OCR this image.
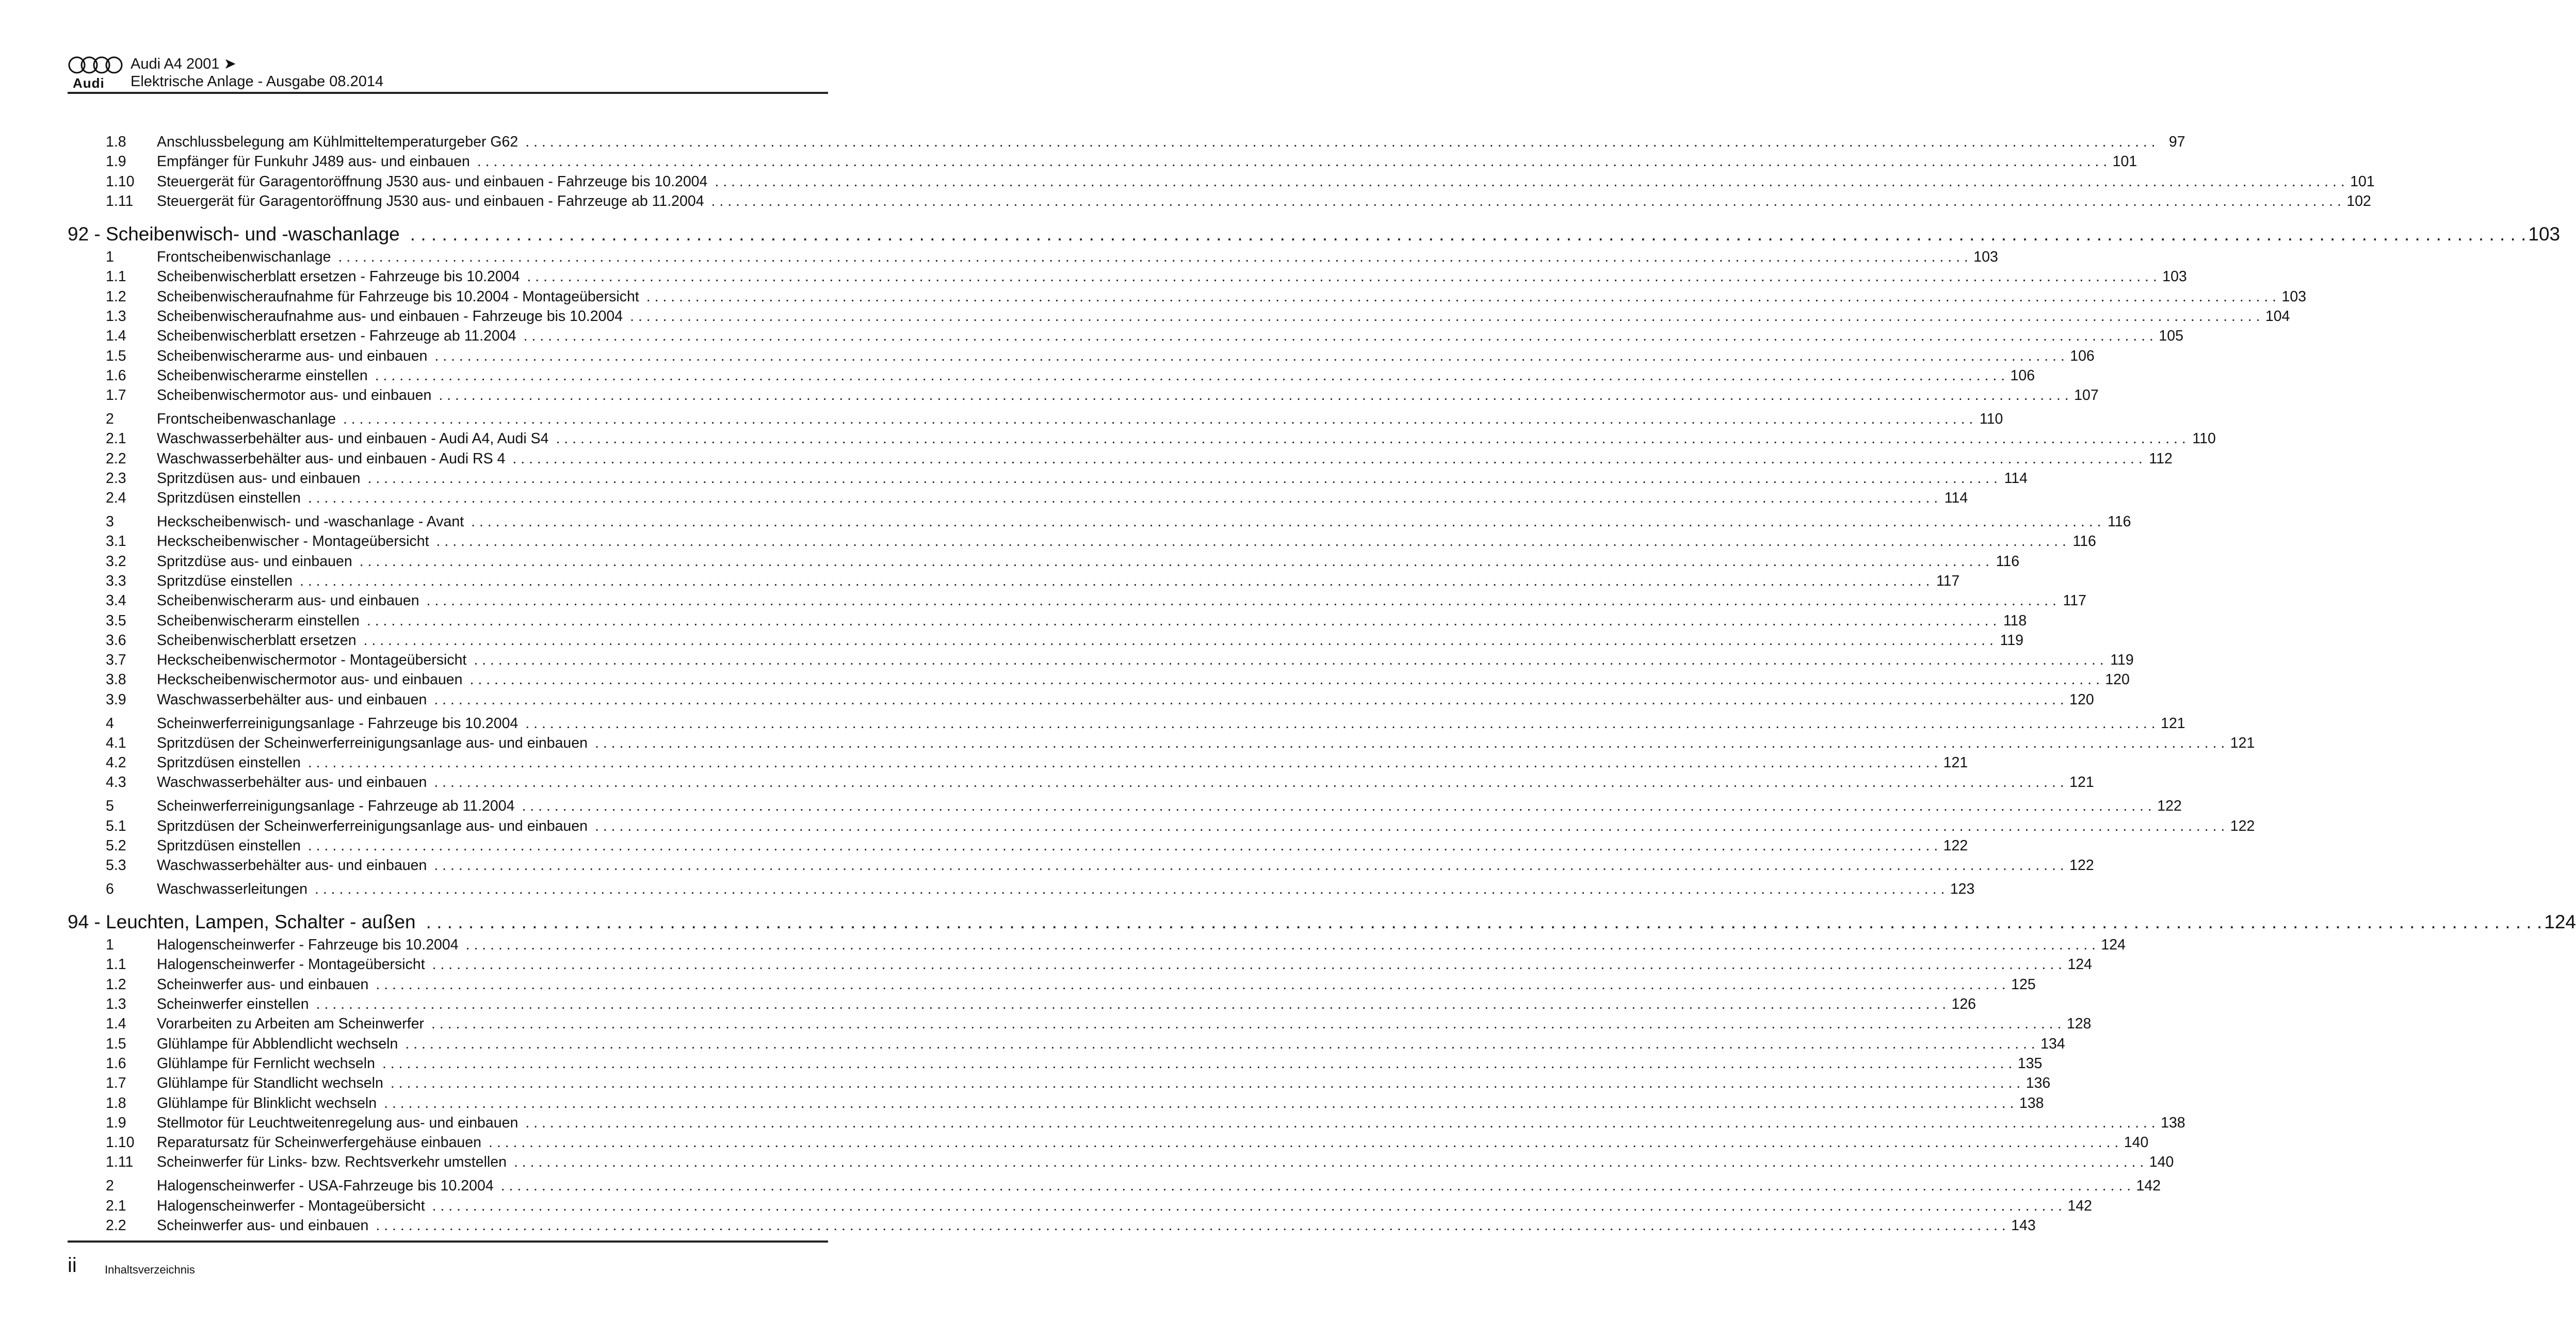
Audi
Audi A4 2001 ➤
Elektrische Anlage - Ausgabe 08.2014
1.8	Anschlussbelegung am Kühlmitteltemperaturgeber G62 . . . . . . . . . . . . . . . . . . . . . . . . . . . . . . . . . . . . . . . . . . . . . . . . . . . . . . . . . . . . . . . . . . . . . . . . . . . . . . . . . . . . . . . . . . . . . . . . . . . . . . . . . . . . . . . . . . . . . . . . . . . . . . . . . . . . . . . . . . . . . . . . . . . . . . . . . . . . . . . . . . . . . . . . . . . . . . . . . . . . . . . . . . . . . . . . . . . . . . . . 97
1.9	Empfänger für Funkuhr J489 aus- und einbauen . . . . . . . . . . . . . . . . . . . . . . . . . . . . . . . . . . . . . . . . . . . . . . . . . . . . . . . . . . . . . . . . . . . . . . . . . . . . . . . . . . . . . . . . . . . . . . . . . . . . . . . . . . . . . . . . . . . . . . . . . . . . . . . . . . . . . . . . . . . . . . . . . . . . . . . . . . . . . . . . . . . . . . . . . . . . . . . . . . . . . . . . . . . . . . . . . . . . . . . . 101
1.10	Steuergerät für Garagentoröffnung J530 aus- und einbauen - Fahrzeuge bis 10.2004 . . . . . . . . . . . . . . . . . . . . . . . . . . . . . . . . . . . . . . . . . . . . . . . . . . . . . . . . . . . . . . . . . . . . . . . . . . . . . . . . . . . . . . . . . . . . . . . . . . . . . . . . . . . . . . . . . . . . . . . . . . . . . . . . . . . . . . . . . . . . . . . . . . . . . . . . . . . . . . . . . . . . . . . . . . . . . . . . . . . . . . . . . . . . . . . . . . . . . . . . 101
1.11	Steuergerät für Garagentoröffnung J530 aus- und einbauen - Fahrzeuge ab 11.2004 . . . . . . . . . . . . . . . . . . . . . . . . . . . . . . . . . . . . . . . . . . . . . . . . . . . . . . . . . . . . . . . . . . . . . . . . . . . . . . . . . . . . . . . . . . . . . . . . . . . . . . . . . . . . . . . . . . . . . . . . . . . . . . . . . . . . . . . . . . . . . . . . . . . . . . . . . . . . . . . . . . . . . . . . . . . . . . . . . . . . . . . . . . . . . . . . . . . . . . . . 102
92 - Scheibenwisch- und -waschanlage . . . . . . . . . . . . . . . . . . . . . . . . . . . . . . . . . . . . . . . . . . . . . . . . . . . . . . . . . . . . . . . . . . . . . . . . . . . . . . . . . . . . . . . . . . . . . . . . . . . . . . . . . . . . . . . . . . . . . . . . . . . . . . . . . . . . . . . . . . . . . . . . . . . . . . . . . . . . . . . . . . . . . . . . . . . . . . . . . . . . . . . . . . . . . . . . . . . . . . . . 103
1	Frontscheibenwischanlage . . . . . . . . . . . . . . . . . . . . . . . . . . . . . . . . . . . . . . . . . . . . . . . . . . . . . . . . . . . . . . . . . . . . . . . . . . . . . . . . . . . . . . . . . . . . . . . . . . . . . . . . . . . . . . . . . . . . . . . . . . . . . . . . . . . . . . . . . . . . . . . . . . . . . . . . . . . . . . . . . . . . . . . . . . . . . . . . . . . . . . . . . . . . . . . . . . . . . . . . 103
1.1	Scheibenwischerblatt ersetzen - Fahrzeuge bis 10.2004 . . . . . . . . . . . . . . . . . . . . . . . . . . . . . . . . . . . . . . . . . . . . . . . . . . . . . . . . . . . . . . . . . . . . . . . . . . . . . . . . . . . . . . . . . . . . . . . . . . . . . . . . . . . . . . . . . . . . . . . . . . . . . . . . . . . . . . . . . . . . . . . . . . . . . . . . . . . . . . . . . . . . . . . . . . . . . . . . . . . . . . . . . . . . . . . . . . . . . . . . 103
1.2	Scheibenwischeraufnahme für Fahrzeuge bis 10.2004 - Montageübersicht . . . . . . . . . . . . . . . . . . . . . . . . . . . . . . . . . . . . . . . . . . . . . . . . . . . . . . . . . . . . . . . . . . . . . . . . . . . . . . . . . . . . . . . . . . . . . . . . . . . . . . . . . . . . . . . . . . . . . . . . . . . . . . . . . . . . . . . . . . . . . . . . . . . . . . . . . . . . . . . . . . . . . . . . . . . . . . . . . . . . . . . . . . . . . . . . . . . . . . . . 103
1.3	Scheibenwischeraufnahme aus- und einbauen - Fahrzeuge bis 10.2004 . . . . . . . . . . . . . . . . . . . . . . . . . . . . . . . . . . . . . . . . . . . . . . . . . . . . . . . . . . . . . . . . . . . . . . . . . . . . . . . . . . . . . . . . . . . . . . . . . . . . . . . . . . . . . . . . . . . . . . . . . . . . . . . . . . . . . . . . . . . . . . . . . . . . . . . . . . . . . . . . . . . . . . . . . . . . . . . . . . . . . . . . . . . . . . . . . . . . . . . . 104
1.4	Scheibenwischerblatt ersetzen - Fahrzeuge ab 11.2004 . . . . . . . . . . . . . . . . . . . . . . . . . . . . . . . . . . . . . . . . . . . . . . . . . . . . . . . . . . . . . . . . . . . . . . . . . . . . . . . . . . . . . . . . . . . . . . . . . . . . . . . . . . . . . . . . . . . . . . . . . . . . . . . . . . . . . . . . . . . . . . . . . . . . . . . . . . . . . . . . . . . . . . . . . . . . . . . . . . . . . . . . . . . . . . . . . . . . . . . . 105
1.5	Scheibenwischerarme aus- und einbauen . . . . . . . . . . . . . . . . . . . . . . . . . . . . . . . . . . . . . . . . . . . . . . . . . . . . . . . . . . . . . . . . . . . . . . . . . . . . . . . . . . . . . . . . . . . . . . . . . . . . . . . . . . . . . . . . . . . . . . . . . . . . . . . . . . . . . . . . . . . . . . . . . . . . . . . . . . . . . . . . . . . . . . . . . . . . . . . . . . . . . . . . . . . . . . . . . . . . . . . . 106
1.6	Scheibenwischerarme einstellen . . . . . . . . . . . . . . . . . . . . . . . . . . . . . . . . . . . . . . . . . . . . . . . . . . . . . . . . . . . . . . . . . . . . . . . . . . . . . . . . . . . . . . . . . . . . . . . . . . . . . . . . . . . . . . . . . . . . . . . . . . . . . . . . . . . . . . . . . . . . . . . . . . . . . . . . . . . . . . . . . . . . . . . . . . . . . . . . . . . . . . . . . . . . . . . . . . . . . . . . 106
1.7	Scheibenwischermotor aus- und einbauen . . . . . . . . . . . . . . . . . . . . . . . . . . . . . . . . . . . . . . . . . . . . . . . . . . . . . . . . . . . . . . . . . . . . . . . . . . . . . . . . . . . . . . . . . . . . . . . . . . . . . . . . . . . . . . . . . . . . . . . . . . . . . . . . . . . . . . . . . . . . . . . . . . . . . . . . . . . . . . . . . . . . . . . . . . . . . . . . . . . . . . . . . . . . . . . . . . . . . . . . 107
2	Frontscheibenwaschanlage . . . . . . . . . . . . . . . . . . . . . . . . . . . . . . . . . . . . . . . . . . . . . . . . . . . . . . . . . . . . . . . . . . . . . . . . . . . . . . . . . . . . . . . . . . . . . . . . . . . . . . . . . . . . . . . . . . . . . . . . . . . . . . . . . . . . . . . . . . . . . . . . . . . . . . . . . . . . . . . . . . . . . . . . . . . . . . . . . . . . . . . . . . . . . . . . . . . . . . . . 110
2.1	Waschwasserbehälter aus- und einbauen - Audi A4, Audi S4 . . . . . . . . . . . . . . . . . . . . . . . . . . . . . . . . . . . . . . . . . . . . . . . . . . . . . . . . . . . . . . . . . . . . . . . . . . . . . . . . . . . . . . . . . . . . . . . . . . . . . . . . . . . . . . . . . . . . . . . . . . . . . . . . . . . . . . . . . . . . . . . . . . . . . . . . . . . . . . . . . . . . . . . . . . . . . . . . . . . . . . . . . . . . . . . . . . . . . . . . 110
2.2	Waschwasserbehälter aus- und einbauen - Audi RS 4 . . . . . . . . . . . . . . . . . . . . . . . . . . . . . . . . . . . . . . . . . . . . . . . . . . . . . . . . . . . . . . . . . . . . . . . . . . . . . . . . . . . . . . . . . . . . . . . . . . . . . . . . . . . . . . . . . . . . . . . . . . . . . . . . . . . . . . . . . . . . . . . . . . . . . . . . . . . . . . . . . . . . . . . . . . . . . . . . . . . . . . . . . . . . . . . . . . . . . . . . 112
2.3	Spritzdüsen aus- und einbauen . . . . . . . . . . . . . . . . . . . . . . . . . . . . . . . . . . . . . . . . . . . . . . . . . . . . . . . . . . . . . . . . . . . . . . . . . . . . . . . . . . . . . . . . . . . . . . . . . . . . . . . . . . . . . . . . . . . . . . . . . . . . . . . . . . . . . . . . . . . . . . . . . . . . . . . . . . . . . . . . . . . . . . . . . . . . . . . . . . . . . . . . . . . . . . . . . . . . . . . . 114
2.4	Spritzdüsen einstellen . . . . . . . . . . . . . . . . . . . . . . . . . . . . . . . . . . . . . . . . . . . . . . . . . . . . . . . . . . . . . . . . . . . . . . . . . . . . . . . . . . . . . . . . . . . . . . . . . . . . . . . . . . . . . . . . . . . . . . . . . . . . . . . . . . . . . . . . . . . . . . . . . . . . . . . . . . . . . . . . . . . . . . . . . . . . . . . . . . . . . . . . . . . . . . . . . . . . . . . . 114
3	Heckscheibenwisch- und -waschanlage - Avant . . . . . . . . . . . . . . . . . . . . . . . . . . . . . . . . . . . . . . . . . . . . . . . . . . . . . . . . . . . . . . . . . . . . . . . . . . . . . . . . . . . . . . . . . . . . . . . . . . . . . . . . . . . . . . . . . . . . . . . . . . . . . . . . . . . . . . . . . . . . . . . . . . . . . . . . . . . . . . . . . . . . . . . . . . . . . . . . . . . . . . . . . . . . . . . . . . . . . . . . 116
3.1	Heckscheibenwischer - Montageübersicht . . . . . . . . . . . . . . . . . . . . . . . . . . . . . . . . . . . . . . . . . . . . . . . . . . . . . . . . . . . . . . . . . . . . . . . . . . . . . . . . . . . . . . . . . . . . . . . . . . . . . . . . . . . . . . . . . . . . . . . . . . . . . . . . . . . . . . . . . . . . . . . . . . . . . . . . . . . . . . . . . . . . . . . . . . . . . . . . . . . . . . . . . . . . . . . . . . . . . . . . 116
3.2	Spritzdüse aus- und einbauen . . . . . . . . . . . . . . . . . . . . . . . . . . . . . . . . . . . . . . . . . . . . . . . . . . . . . . . . . . . . . . . . . . . . . . . . . . . . . . . . . . . . . . . . . . . . . . . . . . . . . . . . . . . . . . . . . . . . . . . . . . . . . . . . . . . . . . . . . . . . . . . . . . . . . . . . . . . . . . . . . . . . . . . . . . . . . . . . . . . . . . . . . . . . . . . . . . . . . . . . 116
3.3	Spritzdüse einstellen . . . . . . . . . . . . . . . . . . . . . . . . . . . . . . . . . . . . . . . . . . . . . . . . . . . . . . . . . . . . . . . . . . . . . . . . . . . . . . . . . . . . . . . . . . . . . . . . . . . . . . . . . . . . . . . . . . . . . . . . . . . . . . . . . . . . . . . . . . . . . . . . . . . . . . . . . . . . . . . . . . . . . . . . . . . . . . . . . . . . . . . . . . . . . . . . . . . . . . . . 117
3.4	Scheibenwischerarm aus- und einbauen . . . . . . . . . . . . . . . . . . . . . . . . . . . . . . . . . . . . . . . . . . . . . . . . . . . . . . . . . . . . . . . . . . . . . . . . . . . . . . . . . . . . . . . . . . . . . . . . . . . . . . . . . . . . . . . . . . . . . . . . . . . . . . . . . . . . . . . . . . . . . . . . . . . . . . . . . . . . . . . . . . . . . . . . . . . . . . . . . . . . . . . . . . . . . . . . . . . . . . . . 117
3.5	Scheibenwischerarm einstellen . . . . . . . . . . . . . . . . . . . . . . . . . . . . . . . . . . . . . . . . . . . . . . . . . . . . . . . . . . . . . . . . . . . . . . . . . . . . . . . . . . . . . . . . . . . . . . . . . . . . . . . . . . . . . . . . . . . . . . . . . . . . . . . . . . . . . . . . . . . . . . . . . . . . . . . . . . . . . . . . . . . . . . . . . . . . . . . . . . . . . . . . . . . . . . . . . . . . . . . . 118
3.6	Scheibenwischerblatt ersetzen . . . . . . . . . . . . . . . . . . . . . . . . . . . . . . . . . . . . . . . . . . . . . . . . . . . . . . . . . . . . . . . . . . . . . . . . . . . . . . . . . . . . . . . . . . . . . . . . . . . . . . . . . . . . . . . . . . . . . . . . . . . . . . . . . . . . . . . . . . . . . . . . . . . . . . . . . . . . . . . . . . . . . . . . . . . . . . . . . . . . . . . . . . . . . . . . . . . . . . . . 119
3.7	Heckscheibenwischermotor - Montageübersicht . . . . . . . . . . . . . . . . . . . . . . . . . . . . . . . . . . . . . . . . . . . . . . . . . . . . . . . . . . . . . . . . . . . . . . . . . . . . . . . . . . . . . . . . . . . . . . . . . . . . . . . . . . . . . . . . . . . . . . . . . . . . . . . . . . . . . . . . . . . . . . . . . . . . . . . . . . . . . . . . . . . . . . . . . . . . . . . . . . . . . . . . . . . . . . . . . . . . . . . . 119
3.8	Heckscheibenwischermotor aus- und einbauen . . . . . . . . . . . . . . . . . . . . . . . . . . . . . . . . . . . . . . . . . . . . . . . . . . . . . . . . . . . . . . . . . . . . . . . . . . . . . . . . . . . . . . . . . . . . . . . . . . . . . . . . . . . . . . . . . . . . . . . . . . . . . . . . . . . . . . . . . . . . . . . . . . . . . . . . . . . . . . . . . . . . . . . . . . . . . . . . . . . . . . . . . . . . . . . . . . . . . . . . 120
3.9	Waschwasserbehälter aus- und einbauen . . . . . . . . . . . . . . . . . . . . . . . . . . . . . . . . . . . . . . . . . . . . . . . . . . . . . . . . . . . . . . . . . . . . . . . . . . . . . . . . . . . . . . . . . . . . . . . . . . . . . . . . . . . . . . . . . . . . . . . . . . . . . . . . . . . . . . . . . . . . . . . . . . . . . . . . . . . . . . . . . . . . . . . . . . . . . . . . . . . . . . . . . . . . . . . . . . . . . . . . 120
4	Scheinwerferreinigungsanlage - Fahrzeuge bis 10.2004 . . . . . . . . . . . . . . . . . . . . . . . . . . . . . . . . . . . . . . . . . . . . . . . . . . . . . . . . . . . . . . . . . . . . . . . . . . . . . . . . . . . . . . . . . . . . . . . . . . . . . . . . . . . . . . . . . . . . . . . . . . . . . . . . . . . . . . . . . . . . . . . . . . . . . . . . . . . . . . . . . . . . . . . . . . . . . . . . . . . . . . . . . . . . . . . . . . . . . . . . 121
4.1	Spritzdüsen der Scheinwerferreinigungsanlage aus- und einbauen . . . . . . . . . . . . . . . . . . . . . . . . . . . . . . . . . . . . . . . . . . . . . . . . . . . . . . . . . . . . . . . . . . . . . . . . . . . . . . . . . . . . . . . . . . . . . . . . . . . . . . . . . . . . . . . . . . . . . . . . . . . . . . . . . . . . . . . . . . . . . . . . . . . . . . . . . . . . . . . . . . . . . . . . . . . . . . . . . . . . . . . . . . . . . . . . . . . . . . . . 121
4.2	Spritzdüsen einstellen . . . . . . . . . . . . . . . . . . . . . . . . . . . . . . . . . . . . . . . . . . . . . . . . . . . . . . . . . . . . . . . . . . . . . . . . . . . . . . . . . . . . . . . . . . . . . . . . . . . . . . . . . . . . . . . . . . . . . . . . . . . . . . . . . . . . . . . . . . . . . . . . . . . . . . . . . . . . . . . . . . . . . . . . . . . . . . . . . . . . . . . . . . . . . . . . . . . . . . . . 121
4.3	Waschwasserbehälter aus- und einbauen . . . . . . . . . . . . . . . . . . . . . . . . . . . . . . . . . . . . . . . . . . . . . . . . . . . . . . . . . . . . . . . . . . . . . . . . . . . . . . . . . . . . . . . . . . . . . . . . . . . . . . . . . . . . . . . . . . . . . . . . . . . . . . . . . . . . . . . . . . . . . . . . . . . . . . . . . . . . . . . . . . . . . . . . . . . . . . . . . . . . . . . . . . . . . . . . . . . . . . . . 121
5	Scheinwerferreinigungsanlage - Fahrzeuge ab 11.2004 . . . . . . . . . . . . . . . . . . . . . . . . . . . . . . . . . . . . . . . . . . . . . . . . . . . . . . . . . . . . . . . . . . . . . . . . . . . . . . . . . . . . . . . . . . . . . . . . . . . . . . . . . . . . . . . . . . . . . . . . . . . . . . . . . . . . . . . . . . . . . . . . . . . . . . . . . . . . . . . . . . . . . . . . . . . . . . . . . . . . . . . . . . . . . . . . . . . . . . . . 122
5.1	Spritzdüsen der Scheinwerferreinigungsanlage aus- und einbauen . . . . . . . . . . . . . . . . . . . . . . . . . . . . . . . . . . . . . . . . . . . . . . . . . . . . . . . . . . . . . . . . . . . . . . . . . . . . . . . . . . . . . . . . . . . . . . . . . . . . . . . . . . . . . . . . . . . . . . . . . . . . . . . . . . . . . . . . . . . . . . . . . . . . . . . . . . . . . . . . . . . . . . . . . . . . . . . . . . . . . . . . . . . . . . . . . . . . . . . . 122
5.2	Spritzdüsen einstellen . . . . . . . . . . . . . . . . . . . . . . . . . . . . . . . . . . . . . . . . . . . . . . . . . . . . . . . . . . . . . . . . . . . . . . . . . . . . . . . . . . . . . . . . . . . . . . . . . . . . . . . . . . . . . . . . . . . . . . . . . . . . . . . . . . . . . . . . . . . . . . . . . . . . . . . . . . . . . . . . . . . . . . . . . . . . . . . . . . . . . . . . . . . . . . . . . . . . . . . . 122
5.3	Waschwasserbehälter aus- und einbauen . . . . . . . . . . . . . . . . . . . . . . . . . . . . . . . . . . . . . . . . . . . . . . . . . . . . . . . . . . . . . . . . . . . . . . . . . . . . . . . . . . . . . . . . . . . . . . . . . . . . . . . . . . . . . . . . . . . . . . . . . . . . . . . . . . . . . . . . . . . . . . . . . . . . . . . . . . . . . . . . . . . . . . . . . . . . . . . . . . . . . . . . . . . . . . . . . . . . . . . . 122
6	Waschwasserleitungen . . . . . . . . . . . . . . . . . . . . . . . . . . . . . . . . . . . . . . . . . . . . . . . . . . . . . . . . . . . . . . . . . . . . . . . . . . . . . . . . . . . . . . . . . . . . . . . . . . . . . . . . . . . . . . . . . . . . . . . . . . . . . . . . . . . . . . . . . . . . . . . . . . . . . . . . . . . . . . . . . . . . . . . . . . . . . . . . . . . . . . . . . . . . . . . . . . . . . . . . 123
94 - Leuchten, Lampen, Schalter - außen . . . . . . . . . . . . . . . . . . . . . . . . . . . . . . . . . . . . . . . . . . . . . . . . . . . . . . . . . . . . . . . . . . . . . . . . . . . . . . . . . . . . . . . . . . . . . . . . . . . . . . . . . . . . . . . . . . . . . . . . . . . . . . . . . . . . . . . . . . . . . . . . . . . . . . . . . . . . . . . . . . . . . . . . . . . . . . . . . . . . . . . . . . . . . . . . . . . . . . . . 124
1	Halogenscheinwerfer - Fahrzeuge bis 10.2004 . . . . . . . . . . . . . . . . . . . . . . . . . . . . . . . . . . . . . . . . . . . . . . . . . . . . . . . . . . . . . . . . . . . . . . . . . . . . . . . . . . . . . . . . . . . . . . . . . . . . . . . . . . . . . . . . . . . . . . . . . . . . . . . . . . . . . . . . . . . . . . . . . . . . . . . . . . . . . . . . . . . . . . . . . . . . . . . . . . . . . . . . . . . . . . . . . . . . . . . . 124
1.1	Halogenscheinwerfer - Montageübersicht . . . . . . . . . . . . . . . . . . . . . . . . . . . . . . . . . . . . . . . . . . . . . . . . . . . . . . . . . . . . . . . . . . . . . . . . . . . . . . . . . . . . . . . . . . . . . . . . . . . . . . . . . . . . . . . . . . . . . . . . . . . . . . . . . . . . . . . . . . . . . . . . . . . . . . . . . . . . . . . . . . . . . . . . . . . . . . . . . . . . . . . . . . . . . . . . . . . . . . . . 124
1.2	Scheinwerfer aus- und einbauen . . . . . . . . . . . . . . . . . . . . . . . . . . . . . . . . . . . . . . . . . . . . . . . . . . . . . . . . . . . . . . . . . . . . . . . . . . . . . . . . . . . . . . . . . . . . . . . . . . . . . . . . . . . . . . . . . . . . . . . . . . . . . . . . . . . . . . . . . . . . . . . . . . . . . . . . . . . . . . . . . . . . . . . . . . . . . . . . . . . . . . . . . . . . . . . . . . . . . . . . 125
1.3	Scheinwerfer einstellen . . . . . . . . . . . . . . . . . . . . . . . . . . . . . . . . . . . . . . . . . . . . . . . . . . . . . . . . . . . . . . . . . . . . . . . . . . . . . . . . . . . . . . . . . . . . . . . . . . . . . . . . . . . . . . . . . . . . . . . . . . . . . . . . . . . . . . . . . . . . . . . . . . . . . . . . . . . . . . . . . . . . . . . . . . . . . . . . . . . . . . . . . . . . . . . . . . . . . . . . 126
1.4	Vorarbeiten zu Arbeiten am Scheinwerfer . . . . . . . . . . . . . . . . . . . . . . . . . . . . . . . . . . . . . . . . . . . . . . . . . . . . . . . . . . . . . . . . . . . . . . . . . . . . . . . . . . . . . . . . . . . . . . . . . . . . . . . . . . . . . . . . . . . . . . . . . . . . . . . . . . . . . . . . . . . . . . . . . . . . . . . . . . . . . . . . . . . . . . . . . . . . . . . . . . . . . . . . . . . . . . . . . . . . . . . . 128
1.5	Glühlampe für Abblendlicht wechseln . . . . . . . . . . . . . . . . . . . . . . . . . . . . . . . . . . . . . . . . . . . . . . . . . . . . . . . . . . . . . . . . . . . . . . . . . . . . . . . . . . . . . . . . . . . . . . . . . . . . . . . . . . . . . . . . . . . . . . . . . . . . . . . . . . . . . . . . . . . . . . . . . . . . . . . . . . . . . . . . . . . . . . . . . . . . . . . . . . . . . . . . . . . . . . . . . . . . . . . . 134
1.6	Glühlampe für Fernlicht wechseln . . . . . . . . . . . . . . . . . . . . . . . . . . . . . . . . . . . . . . . . . . . . . . . . . . . . . . . . . . . . . . . . . . . . . . . . . . . . . . . . . . . . . . . . . . . . . . . . . . . . . . . . . . . . . . . . . . . . . . . . . . . . . . . . . . . . . . . . . . . . . . . . . . . . . . . . . . . . . . . . . . . . . . . . . . . . . . . . . . . . . . . . . . . . . . . . . . . . . . . . 135
1.7	Glühlampe für Standlicht wechseln . . . . . . . . . . . . . . . . . . . . . . . . . . . . . . . . . . . . . . . . . . . . . . . . . . . . . . . . . . . . . . . . . . . . . . . . . . . . . . . . . . . . . . . . . . . . . . . . . . . . . . . . . . . . . . . . . . . . . . . . . . . . . . . . . . . . . . . . . . . . . . . . . . . . . . . . . . . . . . . . . . . . . . . . . . . . . . . . . . . . . . . . . . . . . . . . . . . . . . . . 136
1.8	Glühlampe für Blinklicht wechseln . . . . . . . . . . . . . . . . . . . . . . . . . . . . . . . . . . . . . . . . . . . . . . . . . . . . . . . . . . . . . . . . . . . . . . . . . . . . . . . . . . . . . . . . . . . . . . . . . . . . . . . . . . . . . . . . . . . . . . . . . . . . . . . . . . . . . . . . . . . . . . . . . . . . . . . . . . . . . . . . . . . . . . . . . . . . . . . . . . . . . . . . . . . . . . . . . . . . . . . . 138
1.9	Stellmotor für Leuchtweitenregelung aus- und einbauen . . . . . . . . . . . . . . . . . . . . . . . . . . . . . . . . . . . . . . . . . . . . . . . . . . . . . . . . . . . . . . . . . . . . . . . . . . . . . . . . . . . . . . . . . . . . . . . . . . . . . . . . . . . . . . . . . . . . . . . . . . . . . . . . . . . . . . . . . . . . . . . . . . . . . . . . . . . . . . . . . . . . . . . . . . . . . . . . . . . . . . . . . . . . . . . . . . . . . . . . 138
1.10	Reparatursatz für Scheinwerfergehäuse einbauen . . . . . . . . . . . . . . . . . . . . . . . . . . . . . . . . . . . . . . . . . . . . . . . . . . . . . . . . . . . . . . . . . . . . . . . . . . . . . . . . . . . . . . . . . . . . . . . . . . . . . . . . . . . . . . . . . . . . . . . . . . . . . . . . . . . . . . . . . . . . . . . . . . . . . . . . . . . . . . . . . . . . . . . . . . . . . . . . . . . . . . . . . . . . . . . . . . . . . . . . 140
1.11	Scheinwerfer für Links- bzw. Rechtsverkehr umstellen . . . . . . . . . . . . . . . . . . . . . . . . . . . . . . . . . . . . . . . . . . . . . . . . . . . . . . . . . . . . . . . . . . . . . . . . . . . . . . . . . . . . . . . . . . . . . . . . . . . . . . . . . . . . . . . . . . . . . . . . . . . . . . . . . . . . . . . . . . . . . . . . . . . . . . . . . . . . . . . . . . . . . . . . . . . . . . . . . . . . . . . . . . . . . . . . . . . . . . . . 140
2	Halogenscheinwerfer - USA-Fahrzeuge bis 10.2004 . . . . . . . . . . . . . . . . . . . . . . . . . . . . . . . . . . . . . . . . . . . . . . . . . . . . . . . . . . . . . . . . . . . . . . . . . . . . . . . . . . . . . . . . . . . . . . . . . . . . . . . . . . . . . . . . . . . . . . . . . . . . . . . . . . . . . . . . . . . . . . . . . . . . . . . . . . . . . . . . . . . . . . . . . . . . . . . . . . . . . . . . . . . . . . . . . . . . . . . . 142
2.1	Halogenscheinwerfer - Montageübersicht . . . . . . . . . . . . . . . . . . . . . . . . . . . . . . . . . . . . . . . . . . . . . . . . . . . . . . . . . . . . . . . . . . . . . . . . . . . . . . . . . . . . . . . . . . . . . . . . . . . . . . . . . . . . . . . . . . . . . . . . . . . . . . . . . . . . . . . . . . . . . . . . . . . . . . . . . . . . . . . . . . . . . . . . . . . . . . . . . . . . . . . . . . . . . . . . . . . . . . . . 142
2.2	Scheinwerfer aus- und einbauen . . . . . . . . . . . . . . . . . . . . . . . . . . . . . . . . . . . . . . . . . . . . . . . . . . . . . . . . . . . . . . . . . . . . . . . . . . . . . . . . . . . . . . . . . . . . . . . . . . . . . . . . . . . . . . . . . . . . . . . . . . . . . . . . . . . . . . . . . . . . . . . . . . . . . . . . . . . . . . . . . . . . . . . . . . . . . . . . . . . . . . . . . . . . . . . . . . . . . . . . 143
ii Inhaltsverzeichnis
